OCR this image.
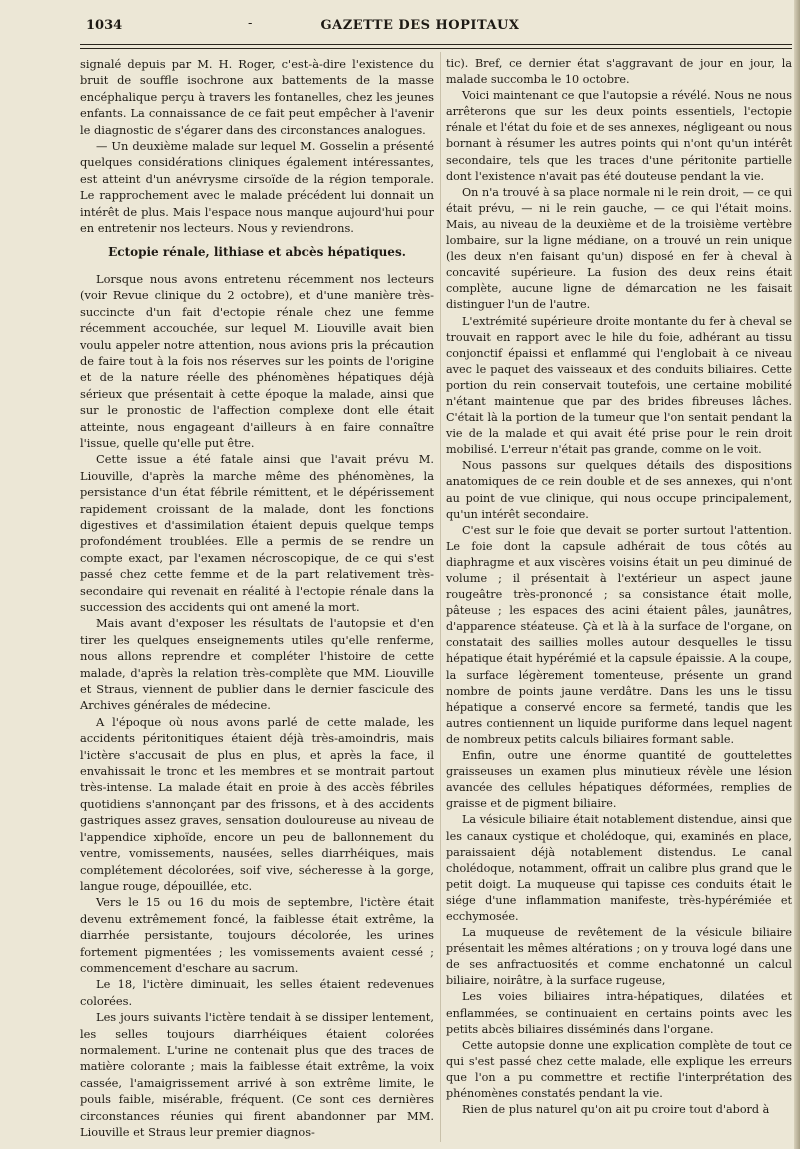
1034	-	GAZETTE DES HOPITAUX

signalé depuis par M. H. Roger, c'est-à-dire l'existence du bruit de souffle isochrone aux battements de la masse encéphalique perçu à travers les fontanelles, chez les jeunes enfants. La connaissance de ce fait peut empêcher à l'avenir le diagnostic de s'égarer dans des circonstances analogues.

— Un deuxième malade sur lequel M. Gosselin a présenté quelques considérations cliniques également intéressantes, est atteint d'un anévrysme cirsoïde de la région temporale. Le rapprochement avec le malade précédent lui donnait un intérêt de plus. Mais l'espace nous manque aujourd'hui pour en entretenir nos lecteurs. Nous y reviendrons.

Ectopie rénale, lithiase et abcès hépatiques.

Lorsque nous avons entretenu récemment nos lecteurs (voir Revue clinique du 2 octobre), et d'une manière très-succincte d'un fait d'ectopie rénale chez une femme récemment accouchée, sur lequel M. Liouville avait bien voulu appeler notre attention, nous avions pris la précaution de faire tout à la fois nos réserves sur les points de l'origine et de la nature réelle des phénomènes hépatiques déjà sérieux que présentait à cette époque la malade, ainsi que sur le pronostic de l'affection complexe dont elle était atteinte, nous engageant d'ailleurs à en faire connaître l'issue, quelle qu'elle put être.

Cette issue a été fatale ainsi que l'avait prévu M. Liouville, d'après la marche même des phénomènes, la persistance d'un état fébrile rémittent, et le dépérissement rapidement croissant de la malade, dont les fonctions digestives et d'assimilation étaient depuis quelque temps profondément troublées. Elle a permis de se rendre un compte exact, par l'examen nécroscopique, de ce qui s'est passé chez cette femme et de la part relativement très-secondaire qui revenait en réalité à l'ectopie rénale dans la succession des accidents qui ont amené la mort.

Mais avant d'exposer les résultats de l'autopsie et d'en tirer les quelques enseignements utiles qu'elle renferme, nous allons reprendre et compléter l'histoire de cette malade, d'après la relation très-complète que MM. Liouville et Straus, viennent de publier dans le dernier fascicule des Archives générales de médecine.

A l'époque où nous avons parlé de cette malade, les accidents péritonitiques étaient déjà très-amoindris, mais l'ictère s'accusait de plus en plus, et après la face, il envahissait le tronc et les membres et se montrait partout très-intense. La malade était en proie à des accès fébriles quotidiens s'annonçant par des frissons, et à des accidents gastriques assez graves, sensation douloureuse au niveau de l'appendice xiphoïde, encore un peu de ballonnement du ventre, vomissements, nausées, selles diarrhéiques, mais complétement décolorées, soif vive, sécheresse à la gorge, langue rouge, dépouillée, etc.

Vers le 15 ou 16 du mois de septembre, l'ictère était devenu extrêmement foncé, la faiblesse était extrême, la diarrhée persistante, toujours décolorée, les urines fortement pigmentées ; les vomissements avaient cessé ; commencement d'eschare au sacrum.

Le 18, l'ictère diminuait, les selles étaient redevenues colorées.

Les jours suivants l'ictère tendait à se dissiper lentement, les selles toujours diarrhéiques étaient colorées normalement. L'urine ne contenait plus que des traces de matière colorante ; mais la faiblesse était extrême, la voix cassée, l'amaigrissement arrivé à son extrême limite, le pouls faible, misérable, fréquent. (Ce sont ces dernières circonstances réunies qui firent abandonner par MM. Liouville et Straus leur premier diagnos-

tic). Bref, ce dernier état s'aggravant de jour en jour, la malade succomba le 10 octobre.

Voici maintenant ce que l'autopsie a révélé. Nous ne nous arrêterons que sur les deux points essentiels, l'ectopie rénale et l'état du foie et de ses annexes, négligeant ou nous bornant à résumer les autres points qui n'ont qu'un intérêt secondaire, tels que les traces d'une péritonite partielle dont l'existence n'avait pas été douteuse pendant la vie.

On n'a trouvé à sa place normale ni le rein droit, — ce qui était prévu, — ni le rein gauche, — ce qui l'était moins. Mais, au niveau de la deuxième et de la troisième vertèbre lombaire, sur la ligne médiane, on a trouvé un rein unique (les deux n'en faisant qu'un) disposé en fer à cheval à concavité supérieure. La fusion des deux reins était complète, aucune ligne de démarcation ne les faisait distinguer l'un de l'autre.

L'extrémité supérieure droite montante du fer à cheval se trouvait en rapport avec le hile du foie, adhérant au tissu conjonctif épaissi et enflammé qui l'englobait à ce niveau avec le paquet des vaisseaux et des conduits biliaires. Cette portion du rein conservait toutefois, une certaine mobilité n'étant maintenue que par des brides fibreuses lâches. C'était là la portion de la tumeur que l'on sentait pendant la vie de la malade et qui avait été prise pour le rein droit mobilisé. L'erreur n'était pas grande, comme on le voit.

Nous passons sur quelques détails des dispositions anatomiques de ce rein double et de ses annexes, qui n'ont au point de vue clinique, qui nous occupe principalement, qu'un intérêt secondaire.

C'est sur le foie que devait se porter surtout l'attention. Le foie dont la capsule adhérait de tous côtés au diaphragme et aux viscères voisins était un peu diminué de volume ; il présentait à l'extérieur un aspect jaune rougeâtre très-prononcé ; sa consistance était molle, pâteuse ; les espaces des acini étaient pâles, jaunâtres, d'apparence stéateuse. Çà et là à la surface de l'organe, on constatait des saillies molles autour desquelles le tissu hépatique était hypérémié et la capsule épaissie. A la coupe, la surface légèrement tomenteuse, présente un grand nombre de points jaune verdâtre. Dans les uns le tissu hépatique a conservé encore sa fermeté, tandis que les autres contiennent un liquide puriforme dans lequel nagent de nombreux petits calculs biliaires formant sable.

Enfin, outre une énorme quantité de gouttelettes graisseuses un examen plus minutieux révèle une lésion avancée des cellules hépatiques déformées, remplies de graisse et de pigment biliaire.

La vésicule biliaire était notablement distendue, ainsi que les canaux cystique et cholédoque, qui, examinés en place, paraissaient déjà notablement distendus. Le canal cholédoque, notamment, offrait un calibre plus grand que le petit doigt. La muqueuse qui tapisse ces conduits était le siége d'une inflammation manifeste, très-hypérémiée et ecchymosée.

La muqueuse de revêtement de la vésicule biliaire présentait les mêmes altérations ; on y trouva logé dans une de ses anfractuosités et comme enchatonné un calcul biliaire, noirâtre, à la surface rugeuse,

Les voies biliaires intra-hépatiques, dilatées et enflammées, se continuaient en certains points avec les petits abcès biliaires disséminés dans l'organe.

Cette autopsie donne une explication complète de tout ce qui s'est passé chez cette malade, elle explique les erreurs que l'on a pu commettre et rectifie l'interprétation des phénomènes constatés pendant la vie.

Rien de plus naturel qu'on ait pu croire tout d'abord à
